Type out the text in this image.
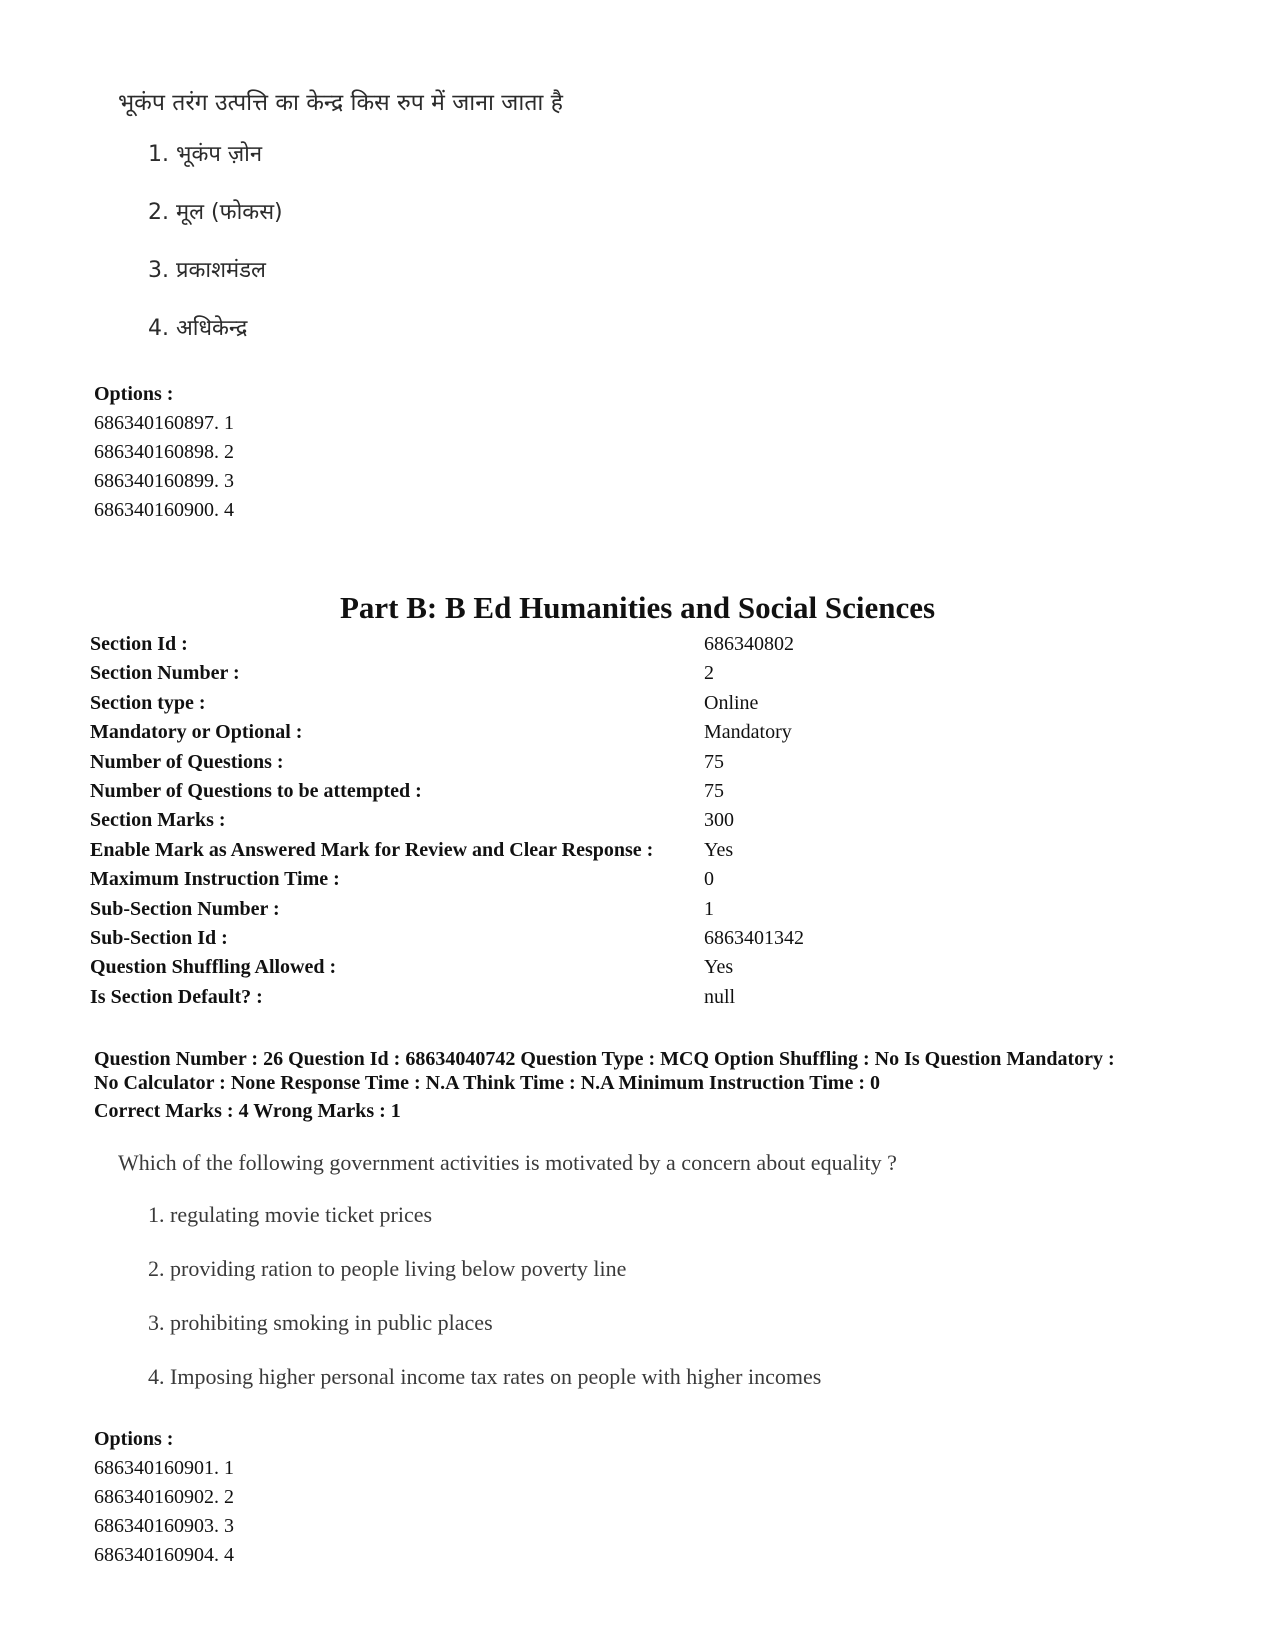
भूकंप तरंग उत्पत्ति का केन्द्र किस रुप में जाना जाता है
1. भूकंप ज़ोन
2. मूल (फोकस)
3. प्रकाशमंडल
4. अधिकेन्द्र
Options :
686340160897. 1
686340160898. 2
686340160899. 3
686340160900. 4
Part B: B Ed Humanities and Social Sciences
Section Id :	686340802
Section Number :	2
Section type :	Online
Mandatory or Optional :	Mandatory
Number of Questions :	75
Number of Questions to be attempted :	75
Section Marks :	300
Enable Mark as Answered Mark for Review and Clear Response :	Yes
Maximum Instruction Time :	0
Sub-Section Number :	1
Sub-Section Id :	6863401342
Question Shuffling Allowed :	Yes
Is Section Default? :	null
Question Number : 26 Question Id : 68634040742 Question Type : MCQ Option Shuffling : No Is Question Mandatory :
No Calculator : None Response Time : N.A Think Time : N.A Minimum Instruction Time : 0
Correct Marks : 4 Wrong Marks : 1
Which of the following government activities is motivated by a concern about equality ?
1. regulating movie ticket prices
2. providing ration to people living below poverty line
3. prohibiting smoking in public places
4. Imposing higher personal income tax rates on people with higher incomes
Options :
686340160901. 1
686340160902. 2
686340160903. 3
686340160904. 4
